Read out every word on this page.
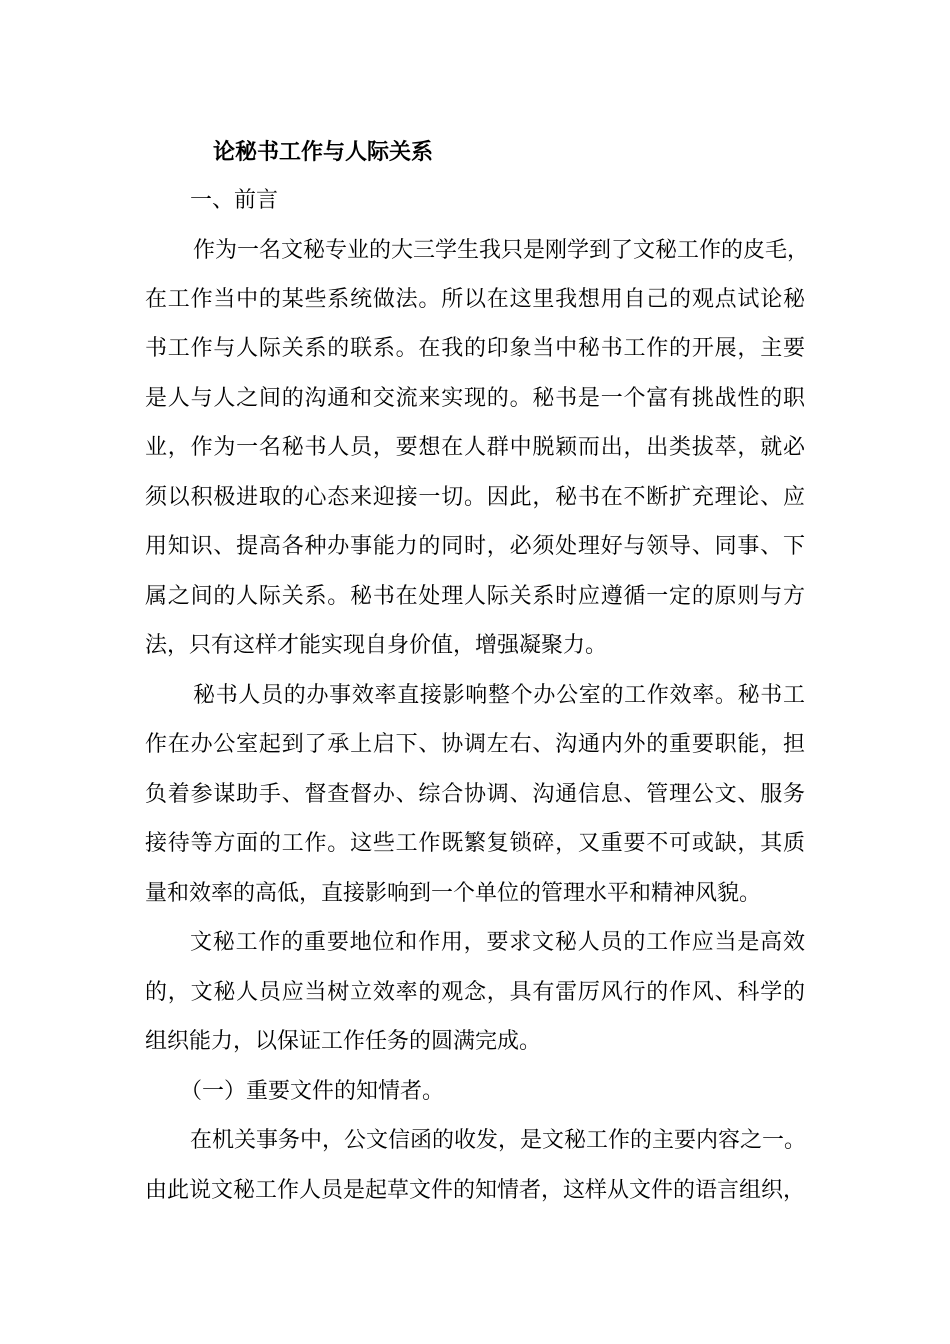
论秘书工作与人际关系
一、前言
作为一名文秘专业的大三学生我只是刚学到了文秘工作的皮毛，
在工作当中的某些系统做法。所以在这里我想用自己的观点试论秘
书工作与人际关系的联系。在我的印象当中秘书工作的开展，主要
是人与人之间的沟通和交流来实现的。秘书是一个富有挑战性的职
业，作为一名秘书人员，要想在人群中脱颖而出，出类拔萃，就必
须以积极进取的心态来迎接一切。因此，秘书在不断扩充理论、应
用知识、提高各种办事能力的同时，必须处理好与领导、同事、下
属之间的人际关系。秘书在处理人际关系时应遵循一定的原则与方
法，只有这样才能实现自身价值，增强凝聚力。
秘书人员的办事效率直接影响整个办公室的工作效率。秘书工
作在办公室起到了承上启下、协调左右、沟通内外的重要职能，担
负着参谋助手、督查督办、综合协调、沟通信息、管理公文、服务
接待等方面的工作。这些工作既繁复锁碎，又重要不可或缺，其质
量和效率的高低，直接影响到一个单位的管理水平和精神风貌。
文秘工作的重要地位和作用，要求文秘人员的工作应当是高效
的，文秘人员应当树立效率的观念，具有雷厉风行的作风、科学的
组织能力，以保证工作任务的圆满完成。
（一）重要文件的知情者。
在机关事务中，公文信函的收发，是文秘工作的主要内容之一。
由此说文秘工作人员是起草文件的知情者，这样从文件的语言组织，
